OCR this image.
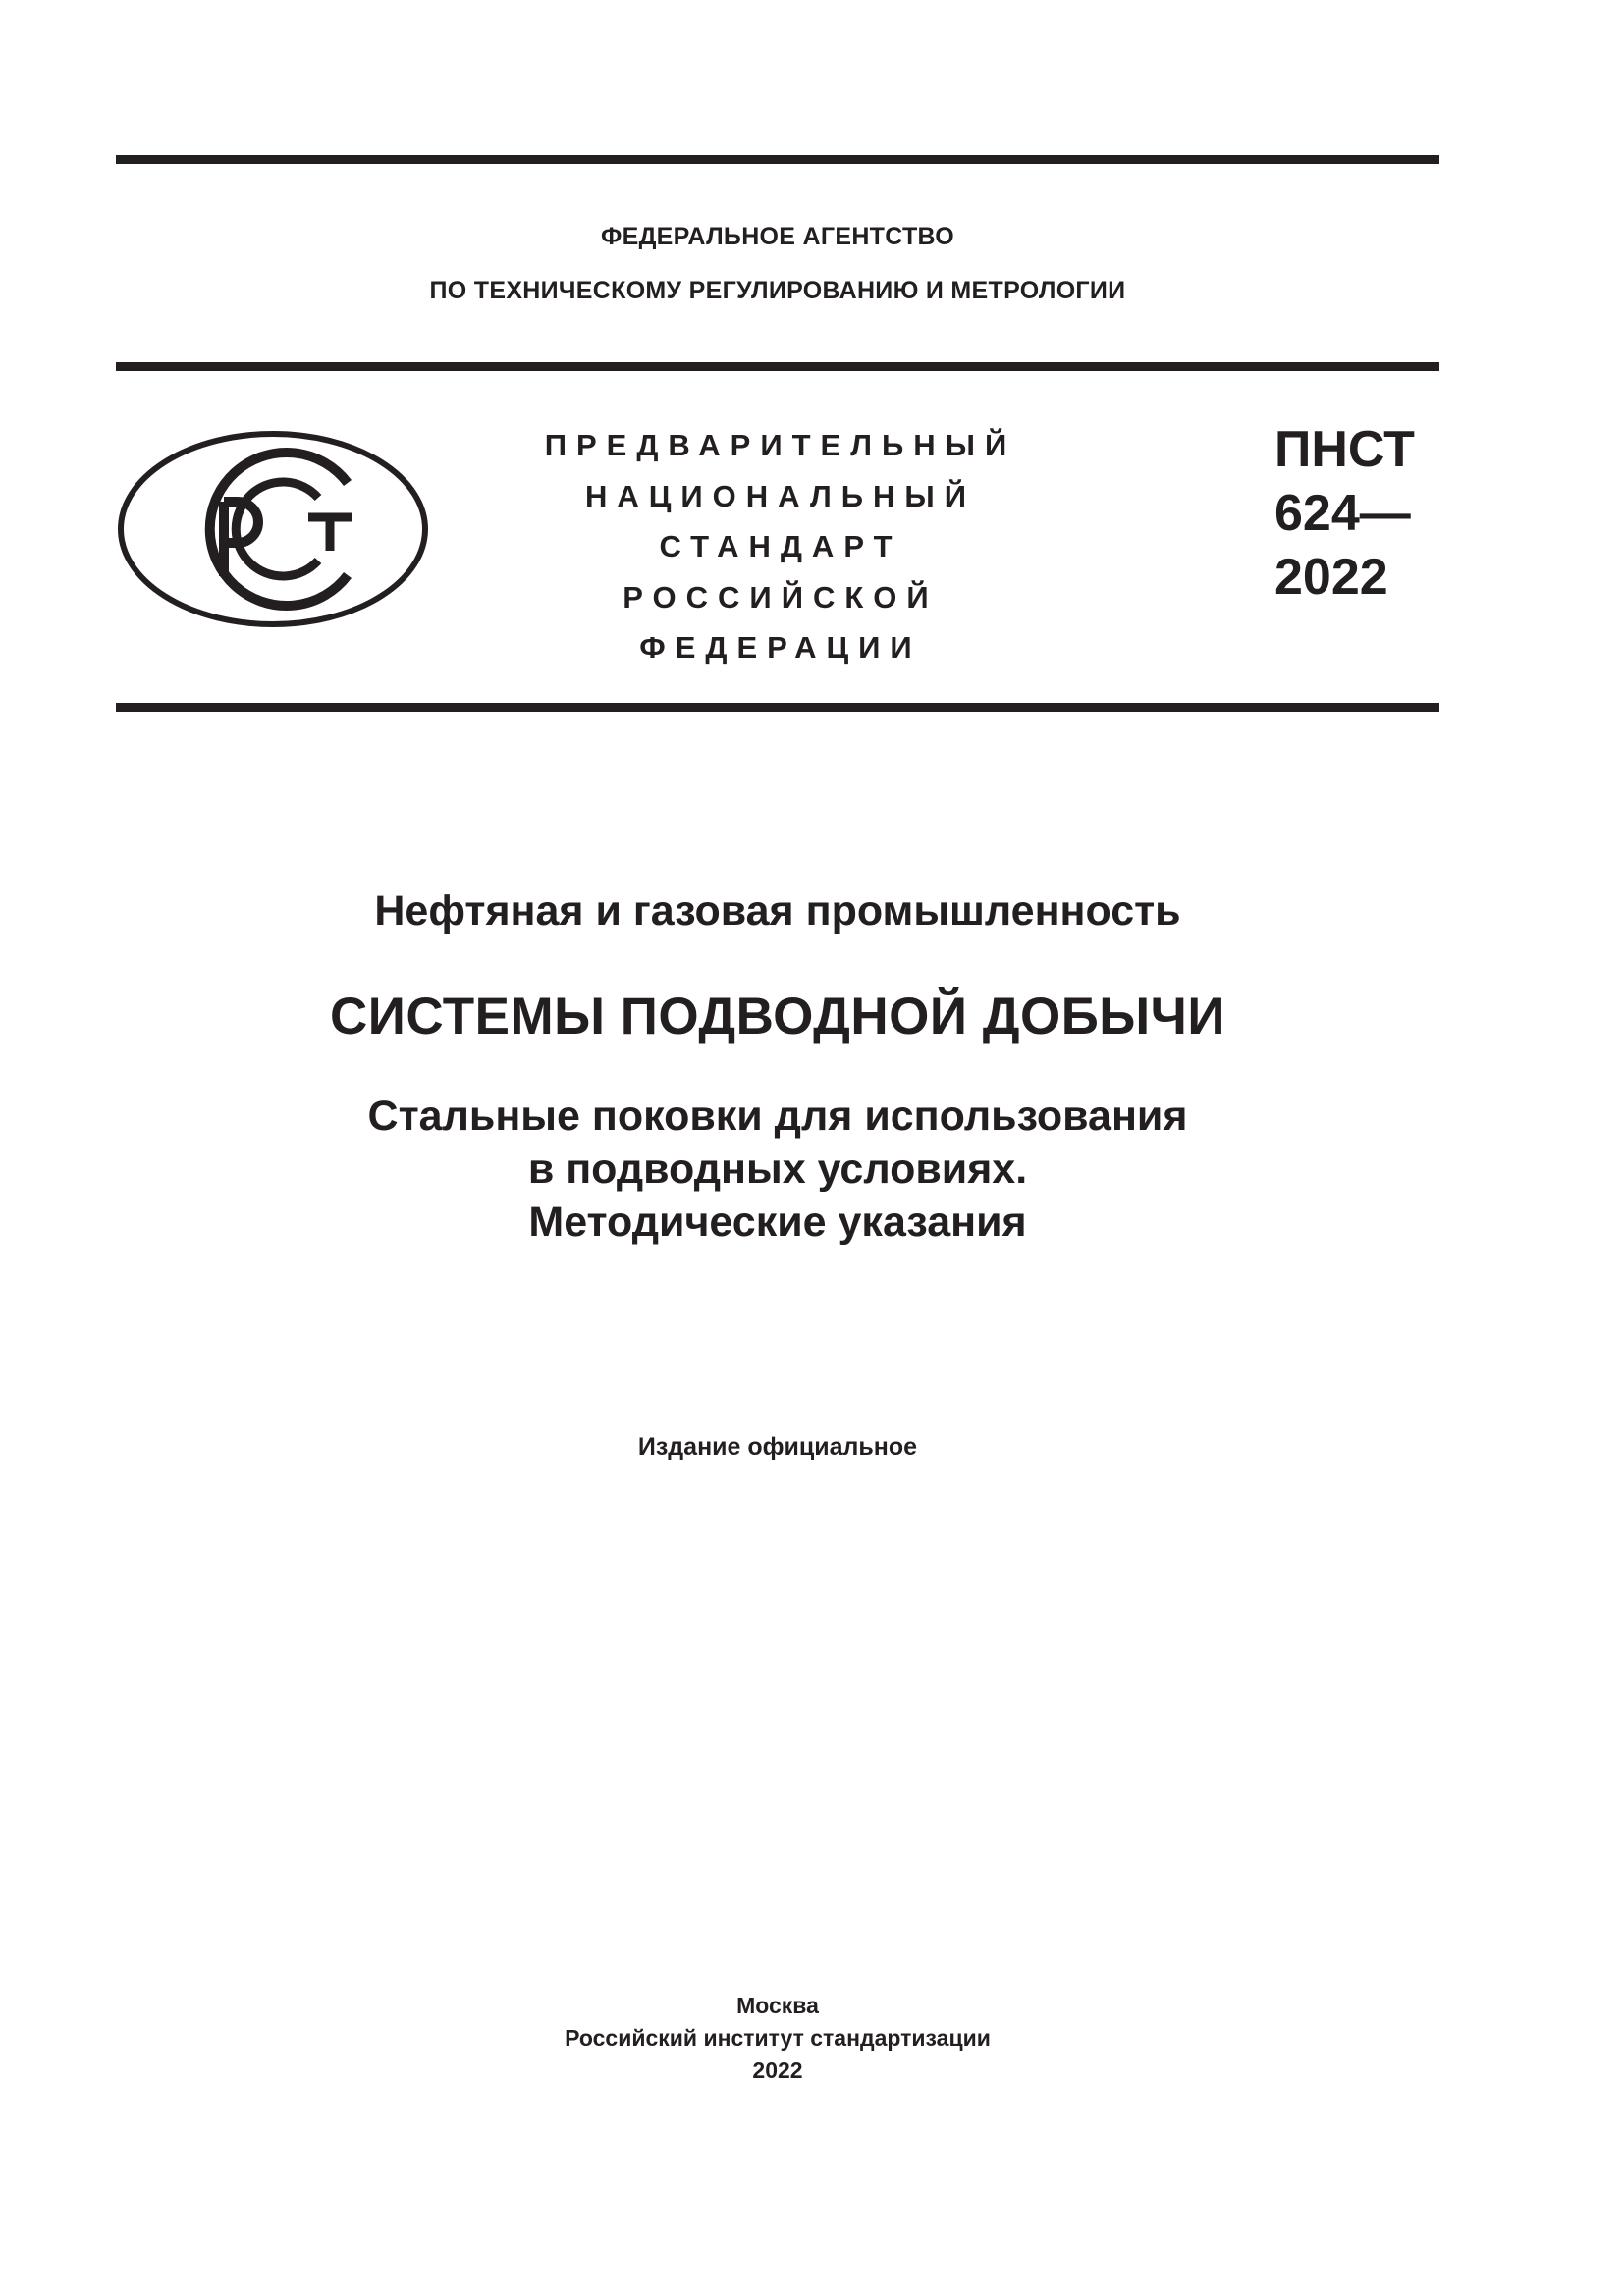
ФЕДЕРАЛЬНОЕ АГЕНТСТВО
ПО ТЕХНИЧЕСКОМУ РЕГУЛИРОВАНИЮ И МЕТРОЛОГИИ
ПРЕДВАРИТЕЛЬНЫЙ
НАЦИОНАЛЬНЫЙ
СТАНДАРТ
РОССИЙСКОЙ
ФЕДЕРАЦИИ
ПНСТ
624—
2022
Нефтяная и газовая промышленность
СИСТЕМЫ ПОДВОДНОЙ ДОБЫЧИ
Стальные поковки для использования
в подводных условиях.
Методические указания
Издание официальное
Москва
Российский институт стандартизации
2022
